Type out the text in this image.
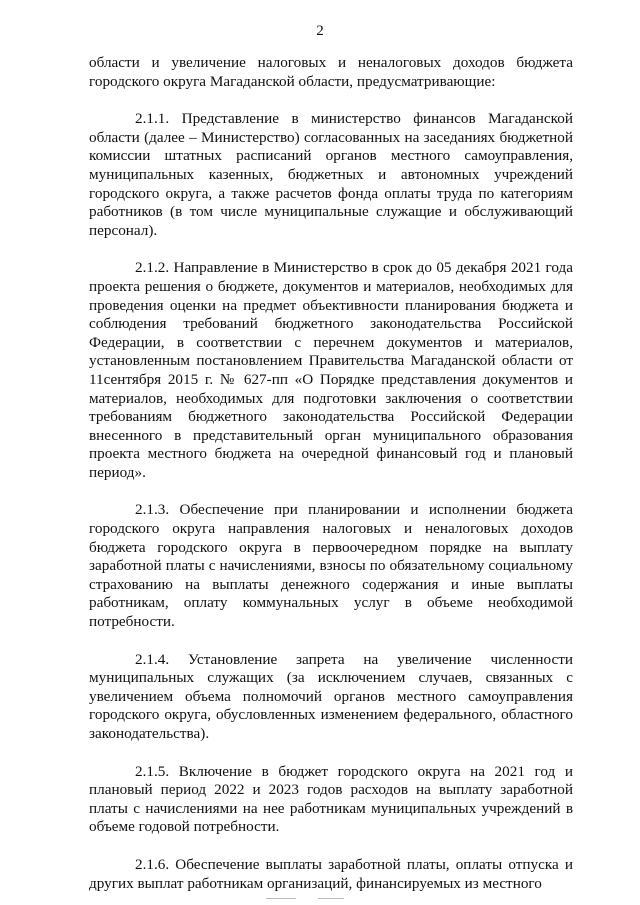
2

области и увеличение налоговых и неналоговых доходов бюджета городского округа Магаданской области, предусматривающие:

2.1.1. Представление в министерство финансов Магаданской области (далее – Министерство) согласованных на заседаниях бюджетной комиссии штатных расписаний органов местного самоуправления, муниципальных казенных, бюджетных и автономных учреждений городского округа, а также расчетов фонда оплаты труда по категориям работников (в том числе муниципальные служащие и обслуживающий персонал).

2.1.2. Направление в Министерство в срок до 05 декабря 2021 года проекта решения о бюджете, документов и материалов, необходимых для проведения оценки на предмет объективности планирования бюджета и соблюдения требований бюджетного законодательства Российской Федерации, в соответствии с перечнем документов и материалов, установленным постановлением Правительства Магаданской области от 11сентября 2015 г. № 627-пп «О Порядке представления документов и материалов, необходимых для подготовки заключения о соответствии требованиям бюджетного законодательства Российской Федерации внесенного в представительный орган муниципального образования проекта местного бюджета на очередной финансовый год и плановый период».

2.1.3. Обеспечение при планировании и исполнении бюджета городского округа направления налоговых и неналоговых доходов бюджета городского округа в первоочередном порядке на выплату заработной платы с начислениями, взносы по обязательному социальному страхованию на выплаты денежного содержания и иные выплаты работникам, оплату коммунальных услуг в объеме необходимой потребности.

2.1.4. Установление запрета на увеличение численности муниципальных служащих (за исключением случаев, связанных с увеличением объема полномочий органов местного самоуправления городского округа, обусловленных изменением федерального, областного законодательства).

2.1.5. Включение в бюджет городского округа на 2021 год и плановый период 2022 и 2023 годов расходов на выплату заработной платы с начислениями на нее работникам муниципальных учреждений в объеме годовой потребности.

2.1.6. Обеспечение выплаты заработной платы, оплаты отпуска и других выплат работникам организаций, финансируемых из местного
